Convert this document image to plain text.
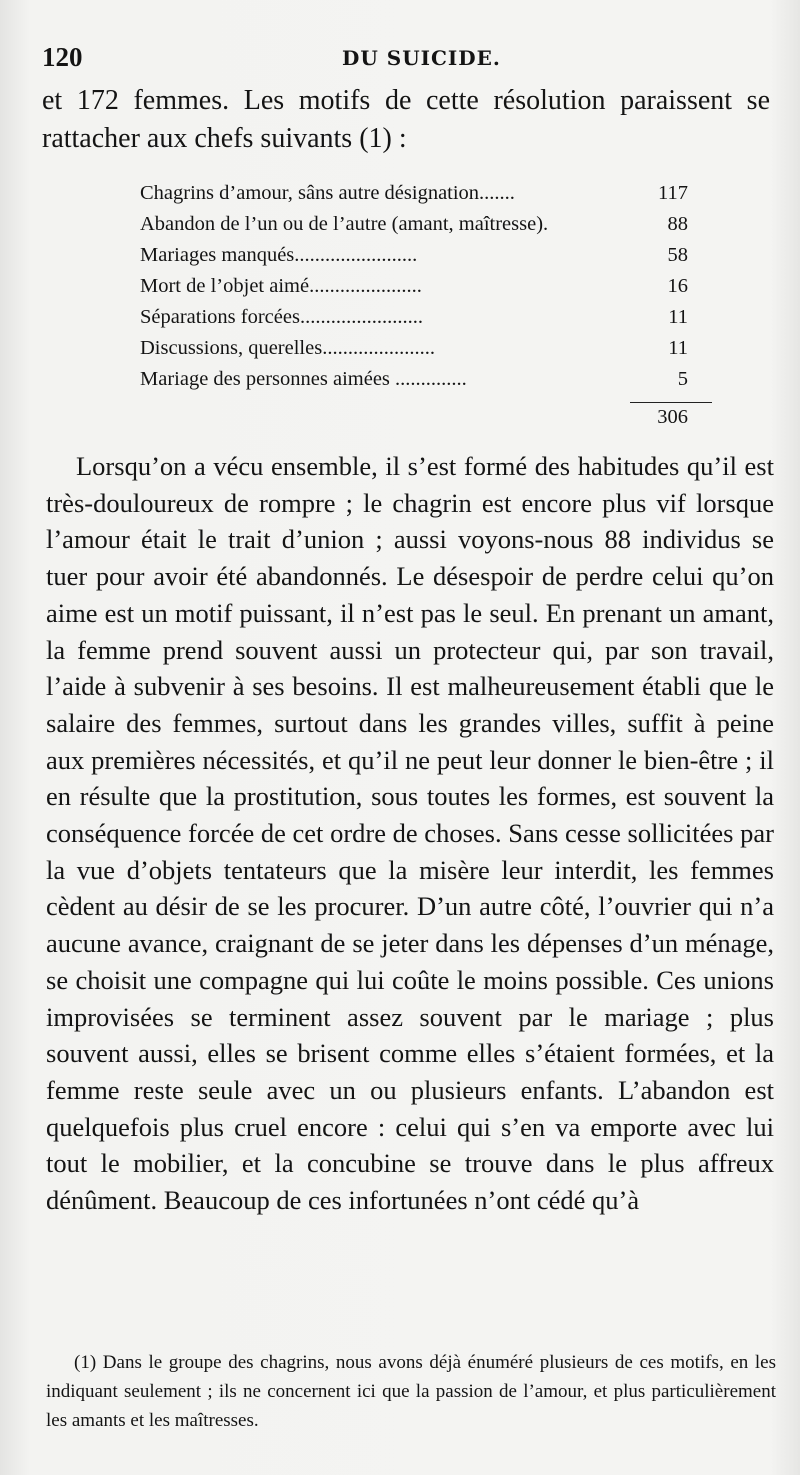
120	DU SUICIDE.
et 172 femmes. Les motifs de cette résolution paraissent se rattacher aux chefs suivants (1) :
Chagrins d’amour, sâns autre désignation.......	117
Abandon de l’un ou de l’autre (amant, maîtresse).	88
Mariages manqués........................	58
Mort de l’objet aimé......................	16
Séparations forcées........................	11
Discussions, querelles......................	11
Mariage des personnes aimées ..............	5
306

Lorsqu’on a vécu ensemble, il s’est formé des habitudes qu’il est très-douloureux de rompre ; le chagrin est encore plus vif lorsque l’amour était le trait d’union ; aussi voyons-nous 88 individus se tuer pour avoir été abandonnés. Le désespoir de perdre celui qu’on aime est un motif puissant, il n’est pas le seul. En prenant un amant, la femme prend souvent aussi un protecteur qui, par son travail, l’aide à subvenir à ses besoins. Il est malheureusement établi que le salaire des femmes, surtout dans les grandes villes, suffit à peine aux premières nécessités, et qu’il ne peut leur donner le bien-être ; il en résulte que la prostitution, sous toutes les formes, est souvent la conséquence forcée de cet ordre de choses. Sans cesse sollicitées par la vue d’objets tentateurs que la misère leur interdit, les femmes cèdent au désir de se les procurer. D’un autre côté, l’ouvrier qui n’a aucune avance, craignant de se jeter dans les dépenses d’un ménage, se choisit une compagne qui lui coûte le moins possible. Ces unions improvisées se terminent assez souvent par le mariage ; plus souvent aussi, elles se brisent comme elles s’étaient formées, et la femme reste seule avec un ou plusieurs enfants. L’abandon est quelquefois plus cruel encore : celui qui s’en va emporte avec lui tout le mobilier, et la concubine se trouve dans le plus affreux dénûment. Beaucoup de ces infortunées n’ont cédé qu’à

(1) Dans le groupe des chagrins, nous avons déjà énuméré plusieurs de ces motifs, en les indiquant seulement ; ils ne concernent ici que la passion de l’amour, et plus particulièrement les amants et les maîtresses.
